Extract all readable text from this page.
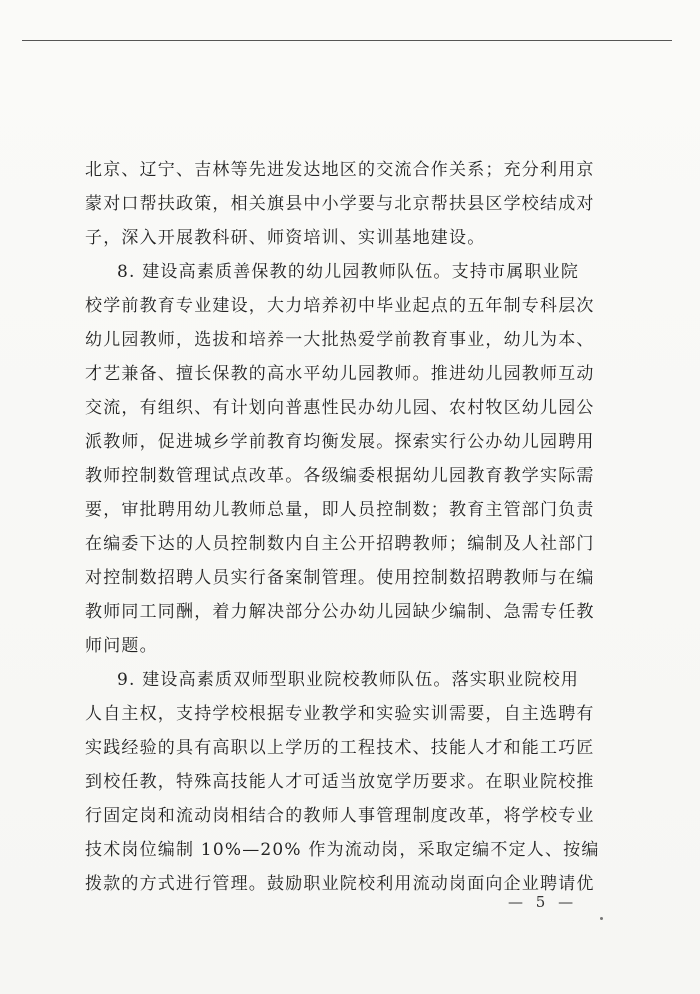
北京、辽宁、吉林等先进发达地区的交流合作关系；充分利用京
蒙对口帮扶政策，相关旗县中小学要与北京帮扶县区学校结成对
子，深入开展教科研、师资培训、实训基地建设。
8. 建设高素质善保教的幼儿园教师队伍。支持市属职业院
校学前教育专业建设，大力培养初中毕业起点的五年制专科层次
幼儿园教师，选拔和培养一大批热爱学前教育事业，幼儿为本、
才艺兼备、擅长保教的高水平幼儿园教师。推进幼儿园教师互动
交流，有组织、有计划向普惠性民办幼儿园、农村牧区幼儿园公
派教师，促进城乡学前教育均衡发展。探索实行公办幼儿园聘用
教师控制数管理试点改革。各级编委根据幼儿园教育教学实际需
要，审批聘用幼儿教师总量，即人员控制数；教育主管部门负责
在编委下达的人员控制数内自主公开招聘教师；编制及人社部门
对控制数招聘人员实行备案制管理。使用控制数招聘教师与在编
教师同工同酬，着力解决部分公办幼儿园缺少编制、急需专任教
师问题。
9. 建设高素质双师型职业院校教师队伍。落实职业院校用
人自主权，支持学校根据专业教学和实验实训需要，自主选聘有
实践经验的具有高职以上学历的工程技术、技能人才和能工巧匠
到校任教，特殊高技能人才可适当放宽学历要求。在职业院校推
行固定岗和流动岗相结合的教师人事管理制度改革，将学校专业
技术岗位编制 10%—20% 作为流动岗，采取定编不定人、按编
拨款的方式进行管理。鼓励职业院校利用流动岗面向企业聘请优
— 5 —
